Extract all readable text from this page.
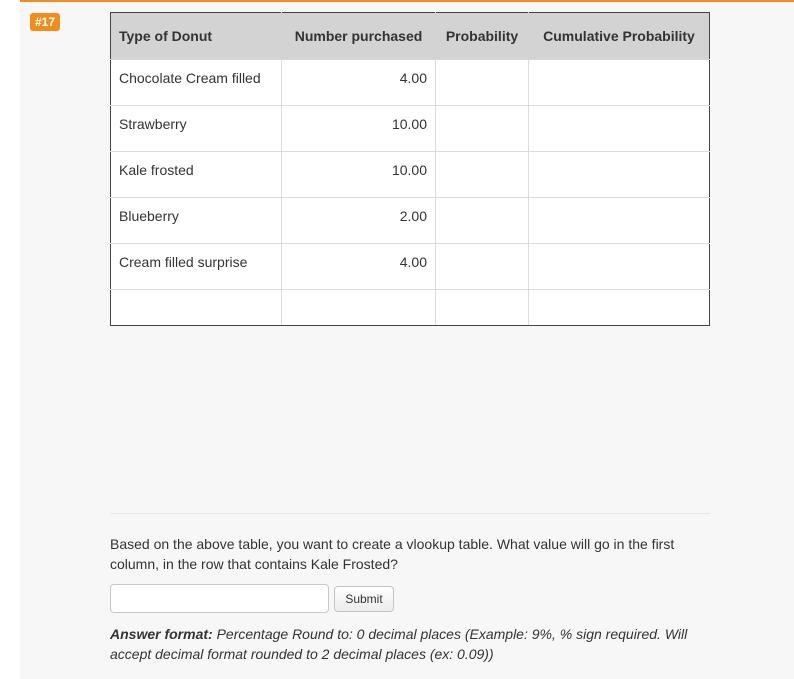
#17
Type of Donut	Number purchased	Probability	Cumulative Probability
Chocolate Cream filled	4.00		
Strawberry	10.00		
Kale frosted	10.00		
Blueberry	2.00		
Cream filled surprise	4.00		

Based on the above table, you want to create a vlookup table. What value will go in the first column, in the row that contains Kale Frosted?
Submit
Answer format: Percentage Round to: 0 decimal places (Example: 9%, % sign required. Will accept decimal format rounded to 2 decimal places (ex: 0.09))
